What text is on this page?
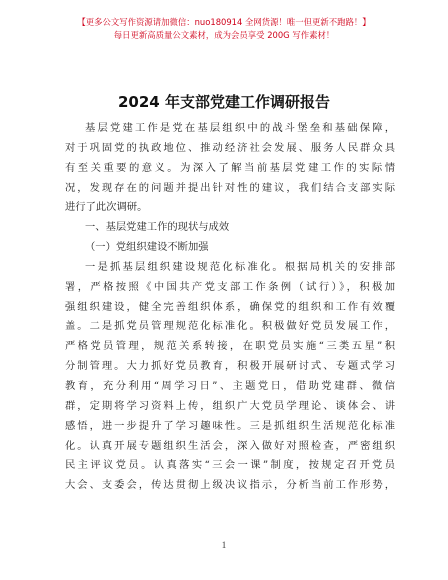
【更多公文写作资源请加微信：nuo180914 全网货源！唯一但更新不跑路！】
每日更新高质量公文素材，成为会员享受 200G 写作素材！
2024 年支部党建工作调研报告
基层党建工作是党在基层组织中的战斗堡垒和基础保障，
对于巩固党的执政地位、推动经济社会发展、服务人民群众具
有至关重要的意义。为深入了解当前基层党建工作的实际情
况，发现存在的问题并提出针对性的建议，我们结合支部实际
进行了此次调研。
一、基层党建工作的现状与成效
（一）党组织建设不断加强
一是抓基层组织建设规范化标准化。根据局机关的安排部
署，严格按照《中国共产党支部工作条例（试行）》，积极加
强组织建设，健全完善组织体系，确保党的组织和工作有效覆
盖。二是抓党员管理规范化标准化。积极做好党员发展工作，
严格党员管理，规范关系转接，在职党员实施“三类五星”积
分制管理。大力抓好党员教育，积极开展研讨式、专题式学习
教育，充分利用“周学习日”、主题党日，借助党建群、微信
群，定期将学习资料上传，组织广大党员学理论、谈体会、讲
感悟，进一步提升了学习趣味性。三是抓组织生活规范化标准
化。认真开展专题组织生活会，深入做好对照检查，严密组织
民主评议党员。认真落实“三会一课”制度，按规定召开党员
大会、支委会，传达贯彻上级决议指示，分析当前工作形势，
1
